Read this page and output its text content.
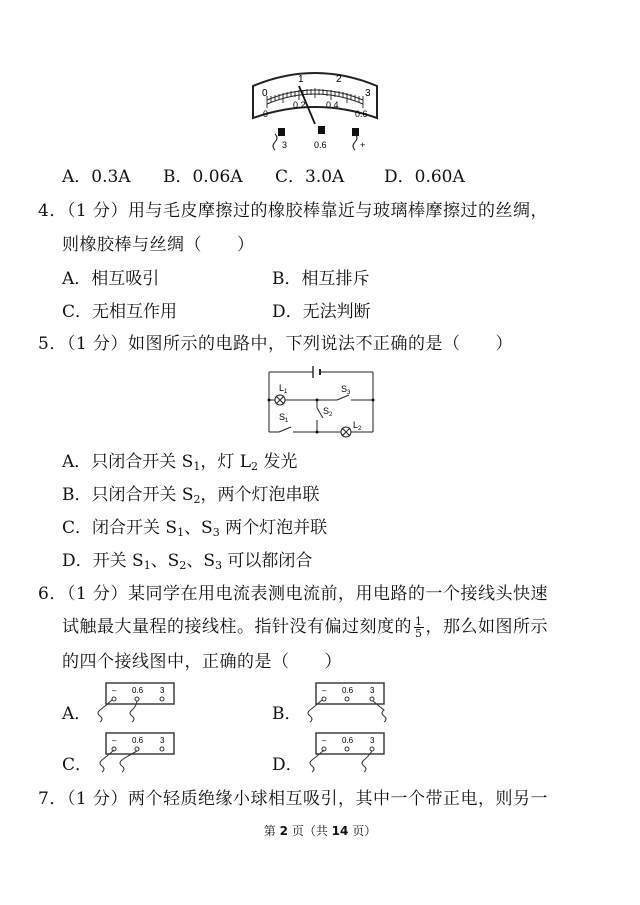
0
1	2
3
0
0.2 0.4
0.6
3	0.6	+
A．0.3A B．0.06A C．3.0A D．0.60A
4．（1 分）用与毛皮摩擦过的橡胶棒靠近与玻璃棒摩擦过的丝绸，
则橡胶棒与丝绸（　　）
A．相互吸引	B．相互排斥
C．无相互作用	D．无法判断
5．（1 分）如图所示的电路中，下列说法不正确的是（　　）
$L_1$	$S_3$
$S_1$
$S_2$
$L_2$
A．只闭合开关 $S_1$，灯 $L_2$ 发光
B．只闭合开关 $S_2$，两个灯泡串联
C．闭合开关 $S_1$、$S_3$ 两个灯泡并联
D．开关 $S_1$、$S_2$、$S_3$ 可以都闭合
6．（1 分）某同学在用电流表测电流前，用电路的一个接线头快速
试触最大量程的接线柱。指针没有偏过刻度的 $\frac{1}{5}$ ，那么如图所示
的四个接线图中，正确的是（　　）
A．
– 0.6 3
B．
– 0.6 3
C．
– 0.6 3
D．
– 0.6 3
7．（1 分）两个轻质绝缘小球相互吸引，其中一个带正电，则另一
第 2 页（共 14 页）
